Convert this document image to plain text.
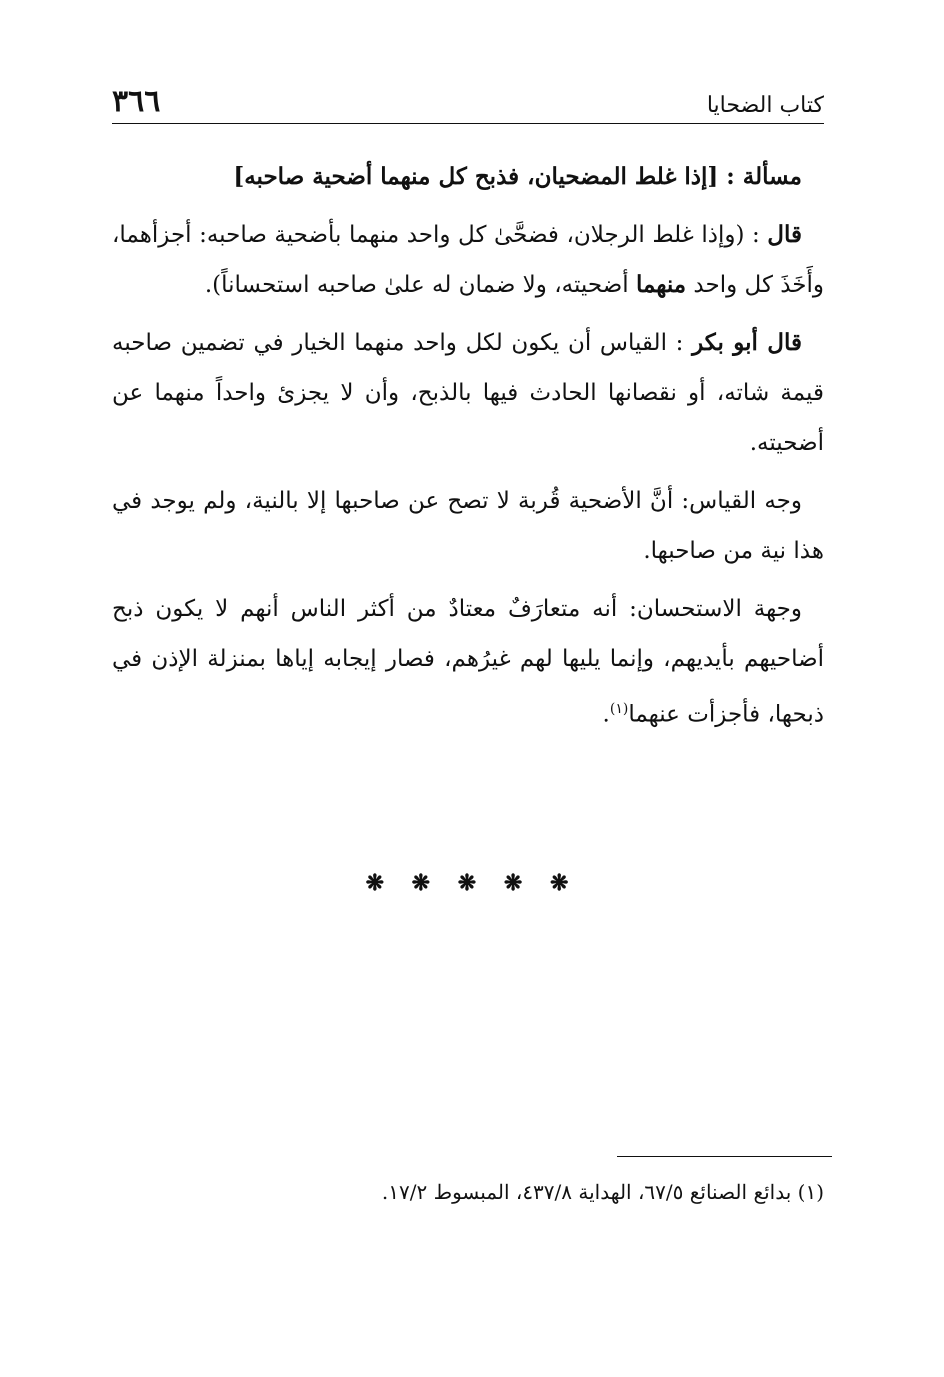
كتاب الضحايا
٣٦٦

مسألة : [إذا غلط المضحيان، فذبح كل منهما أضحية صاحبه]

قال : (وإذا غلط الرجلان، فضحَّىٰ كل واحد منهما بأضحية صاحبه: أجزأهما، وأَخَذَ كل واحد منهما أضحيته، ولا ضمان له علىٰ صاحبه استحساناً).

قال أبو بكر : القياس أن يكون لكل واحد منهما الخيار في تضمين صاحبه قيمة شاته، أو نقصانها الحادث فيها بالذبح، وأن لا يجزئ واحداً منهما عن أضحيته.

وجه القياس: أنَّ الأضحية قُربة لا تصح عن صاحبها إلا بالنية، ولم يوجد في هذا نية من صاحبها.

وجهة الاستحسان: أنه متعارَفٌ معتادٌ من أكثر الناس أنهم لا يكون ذبح أضاحيهم بأيديهم، وإنما يليها لهم غيرُهم، فصار إيجابه إياها بمنزلة الإذن في ذبحها، فأجزأت عنهما$^{(١)}$.

❋ ❋ ❋ ❋ ❋
(١) بدائع الصنائع ٦٧/٥، الهداية ٤٣٧/٨، المبسوط ١٧/٢.
